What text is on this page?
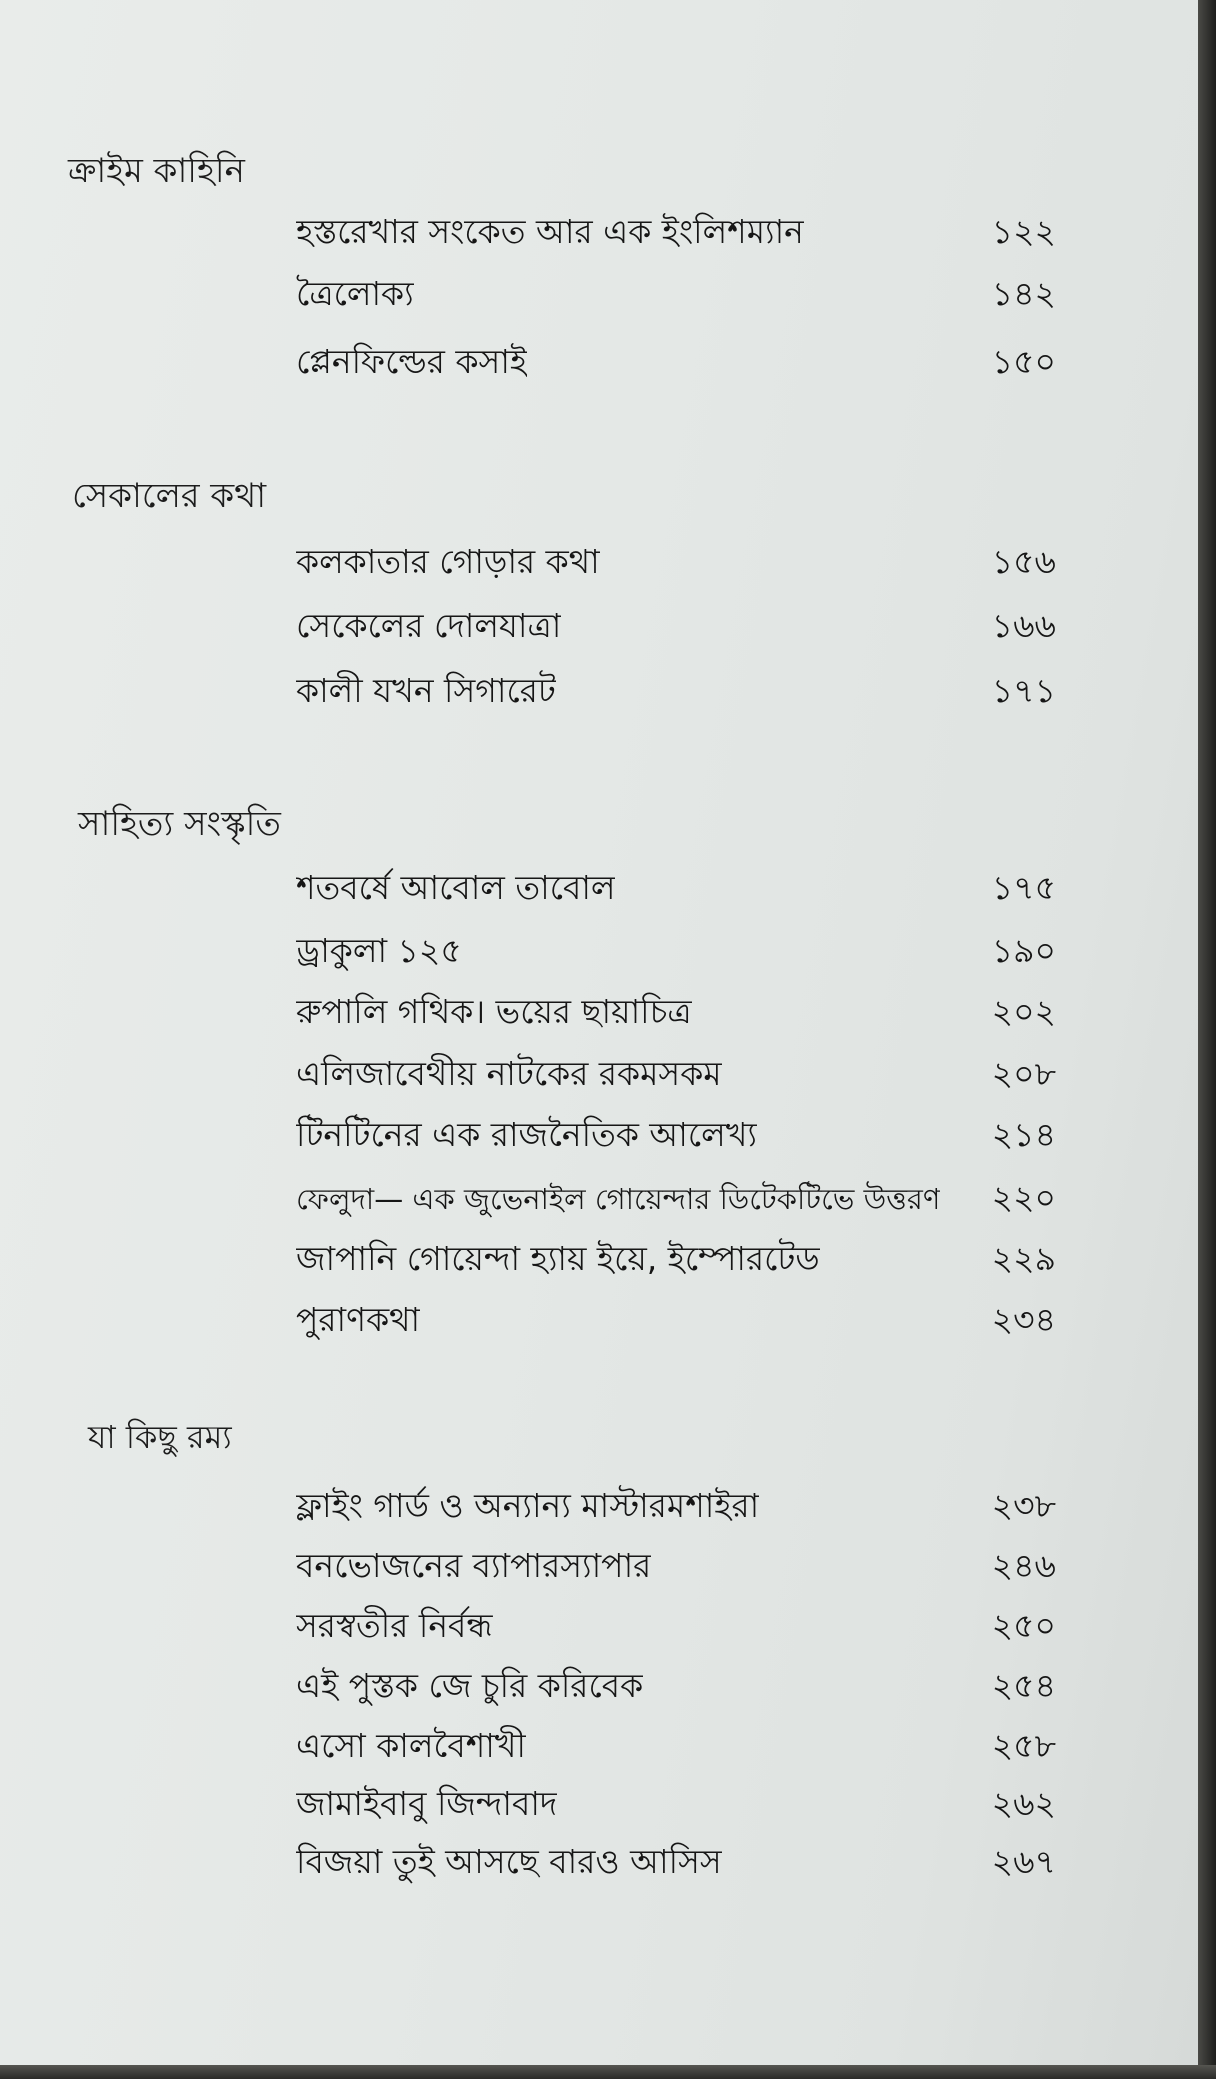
ক্রাইম কাহিনি
হস্তরেখার সংকেত আর এক ইংলিশম্যান	১২২
ত্রৈলোক্য	১৪২
প্লেনফিল্ডের কসাই	১৫০
সেকালের কথা
কলকাতার গোড়ার কথা	১৫৬
সেকেলের দোলযাত্রা	১৬৬
কালী যখন সিগারেট	১৭১
সাহিত্য সংস্কৃতি
শতবর্ষে আবোল তাবোল	১৭৫
ড্রাকুলা ১২৫	১৯০
রুপালি গথিক। ভয়ের ছায়াচিত্র	২০২
এলিজাবেথীয় নাটকের রকমসকম	২০৮
টিনটিনের এক রাজনৈতিক আলেখ্য	২১৪
ফেলুদা— এক জুভেনাইল গোয়েন্দার ডিটেকটিভে উত্তরণ	২২০
জাপানি গোয়েন্দা হ্যায় ইয়ে, ইম্পোরটেড	২২৯
পুরাণকথা	২৩৪
যা কিছু রম্য
ফ্লাইং গার্ড ও অন্যান্য মাস্টারমশাইরা	২৩৮
বনভোজনের ব্যাপারস্যাপার	২৪৬
সরস্বতীর নির্বন্ধ	২৫০
এই পুস্তক জে চুরি করিবেক	২৫৪
এসো কালবৈশাখী	২৫৮
জামাইবাবু জিন্দাবাদ	২৬২
বিজয়া তুই আসছে বারও আসিস	২৬৭
